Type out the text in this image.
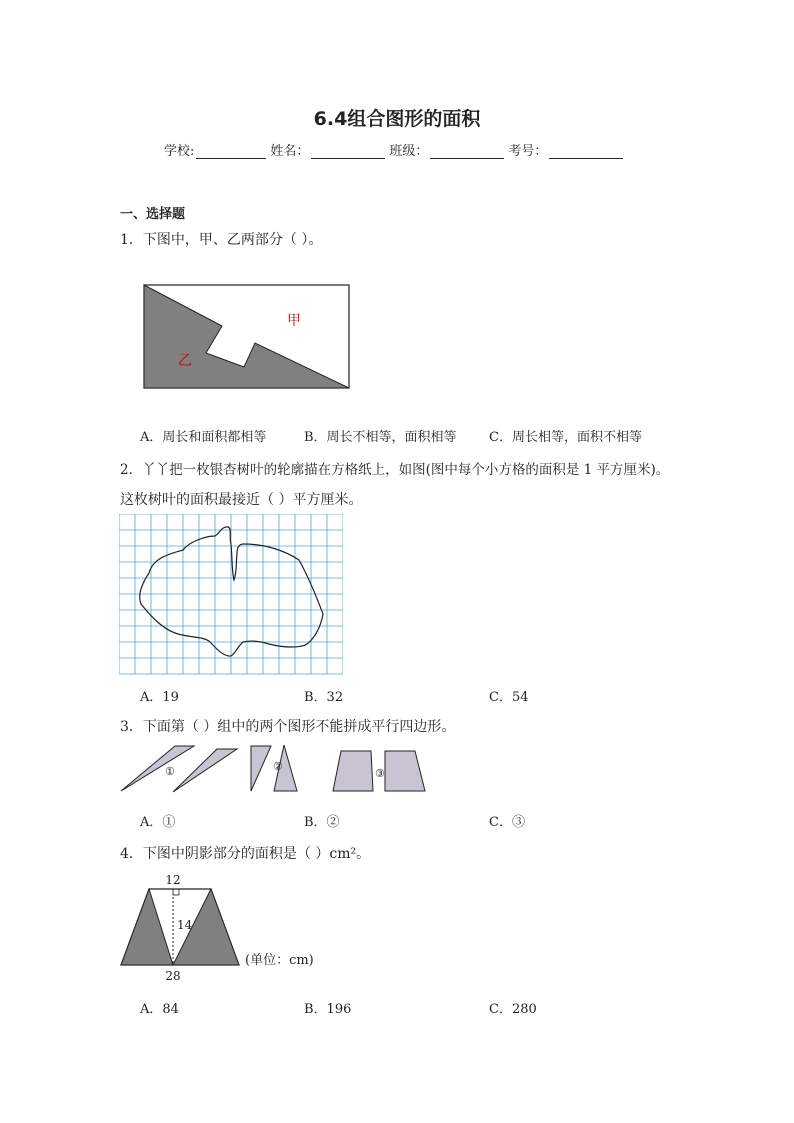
6.4组合图形的面积
学校:	姓名：	班级：	考号：
一、选择题
1．下图中，甲、乙两部分（ ）。
甲
乙
A．周长和面积都相等	B．周长不相等，面积相等 C．周长相等，面积不相等
2．丫丫把一枚银杏树叶的轮廓描在方格纸上，如图(图中每个小方格的面积是 1 平方厘米)。
这枚树叶的面积最接近（ ）平方厘米。
A．19	B．32	C．54
3．下面第（ ）组中的两个图形不能拼成平行四边形。
①	②
③
A．①	B．②	C．③
4．下图中阴影部分的面积是（ ）cm²。
12
14
28
(单位：cm)
A．84	B．196	C．280
